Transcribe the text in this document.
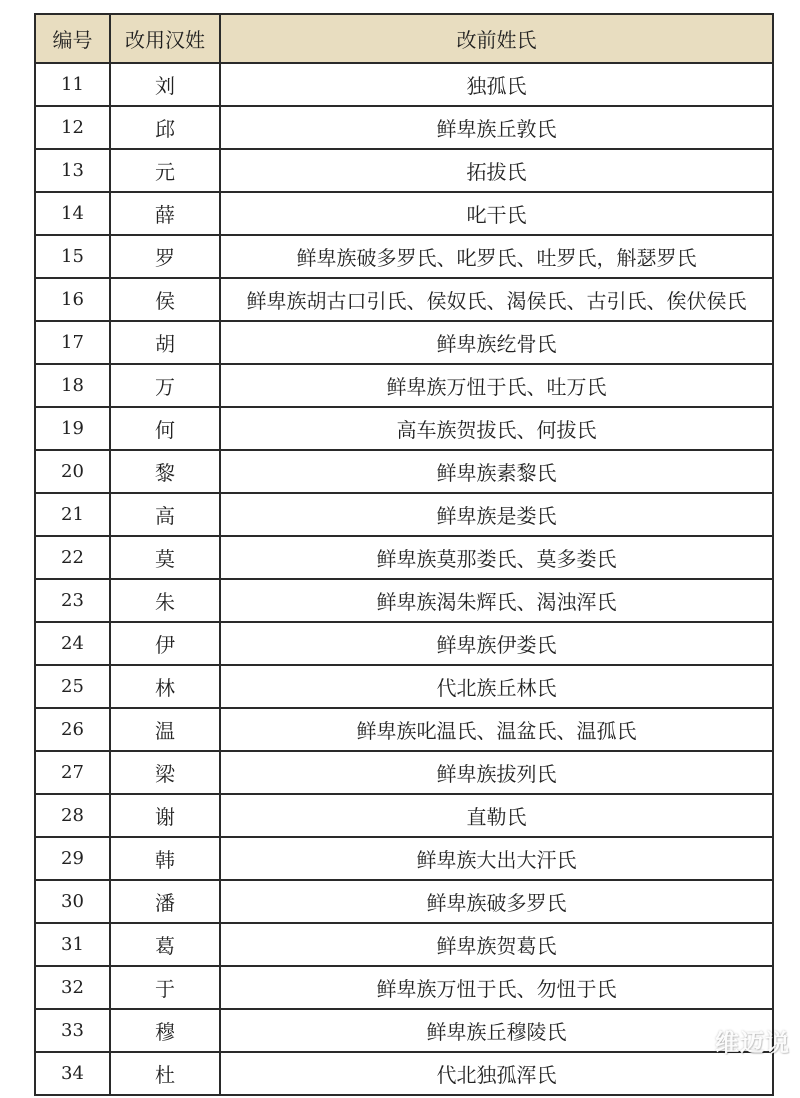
编号	改用汉姓	改前姓氏
11	刘	独孤氏
12	邱	鲜卑族丘敦氏
13	元	拓拔氏
14	薛	叱干氏
15	罗	鲜卑族破多罗氏、叱罗氏、吐罗氏，斛瑟罗氏
16	侯	鲜卑族胡古口引氏、侯奴氏、渴侯氏、古引氏、俟伏侯氏
17	胡	鲜卑族纥骨氏
18	万	鲜卑族万忸于氏、吐万氏
19	何	高车族贺拔氏、何拔氏
20	黎	鲜卑族素黎氏
21	高	鲜卑族是娄氏
22	莫	鲜卑族莫那娄氏、莫多娄氏
23	朱	鲜卑族渴朱辉氏、渴浊浑氏
24	伊	鲜卑族伊娄氏
25	林	代北族丘林氏
26	温	鲜卑族叱温氏、温盆氏、温孤氏
27	梁	鲜卑族拔列氏
28	谢	直勒氏
29	韩	鲜卑族大出大汗氏
30	潘	鲜卑族破多罗氏
31	葛	鲜卑族贺葛氏
32	于	鲜卑族万忸于氏、勿忸于氏
33	穆	鲜卑族丘穆陵氏
34	杜	代北独孤浑氏
维迈说
